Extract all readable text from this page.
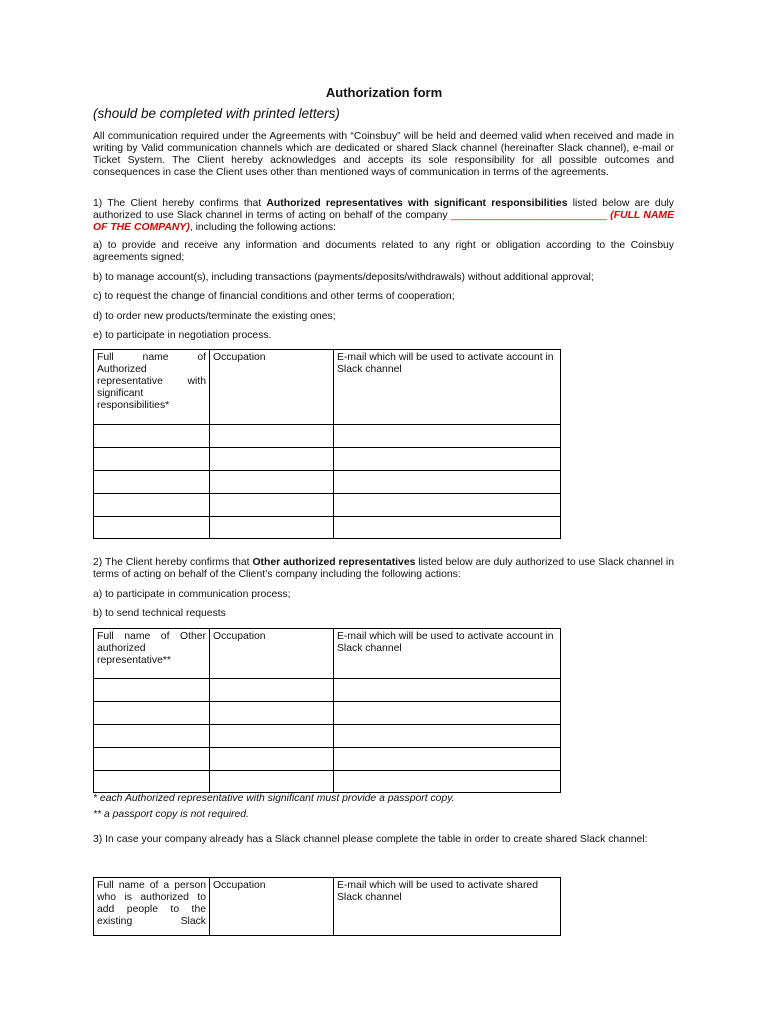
Authorization form
(should be completed with printed letters)
All communication required under the Agreements with “Coinsbuy” will be held and deemed valid when received and made in writing by Valid communication channels which are dedicated or shared Slack channel (hereinafter Slack channel), e-mail or Ticket System. The Client hereby acknowledges and accepts its sole responsibility for all possible outcomes and consequences in case the Client uses other than mentioned ways of communication in terms of the agreements.
1) The Client hereby confirms that Authorized representatives with significant responsibilities listed below are duly authorized to use Slack channel in terms of acting on behalf of the company ___________________________ (FULL NAME OF THE COMPANY), including the following actions:
a) to provide and receive any information and documents related to any right or obligation according to the Coinsbuy agreements signed;
b) to manage account(s), including transactions (payments/deposits/withdrawals) without additional approval;
c) to request the change of financial conditions and other terms of cooperation;
d) to order new products/terminate the existing ones;
e) to participate in negotiation process.
Full name of Authorized representative with significant responsibilities*	Occupation	E-mail which will be used to activate account in Slack channel

2) The Client hereby confirms that Other authorized representatives listed below are duly authorized to use Slack channel in terms of acting on behalf of the Client’s company including the following actions:
a) to participate in communication process;
b) to send technical requests
Full name of Other authorized representative**	Occupation	E-mail which will be used to activate account in Slack channel

* each Authorized representative with significant must provide a passport copy.
** a passport copy is not required.
3) In case your company already has a Slack channel please complete the table in order to create shared Slack channel:
Full name of a person who is authorized to add people to the existing Slack	Occupation	E-mail which will be used to activate shared Slack channel
